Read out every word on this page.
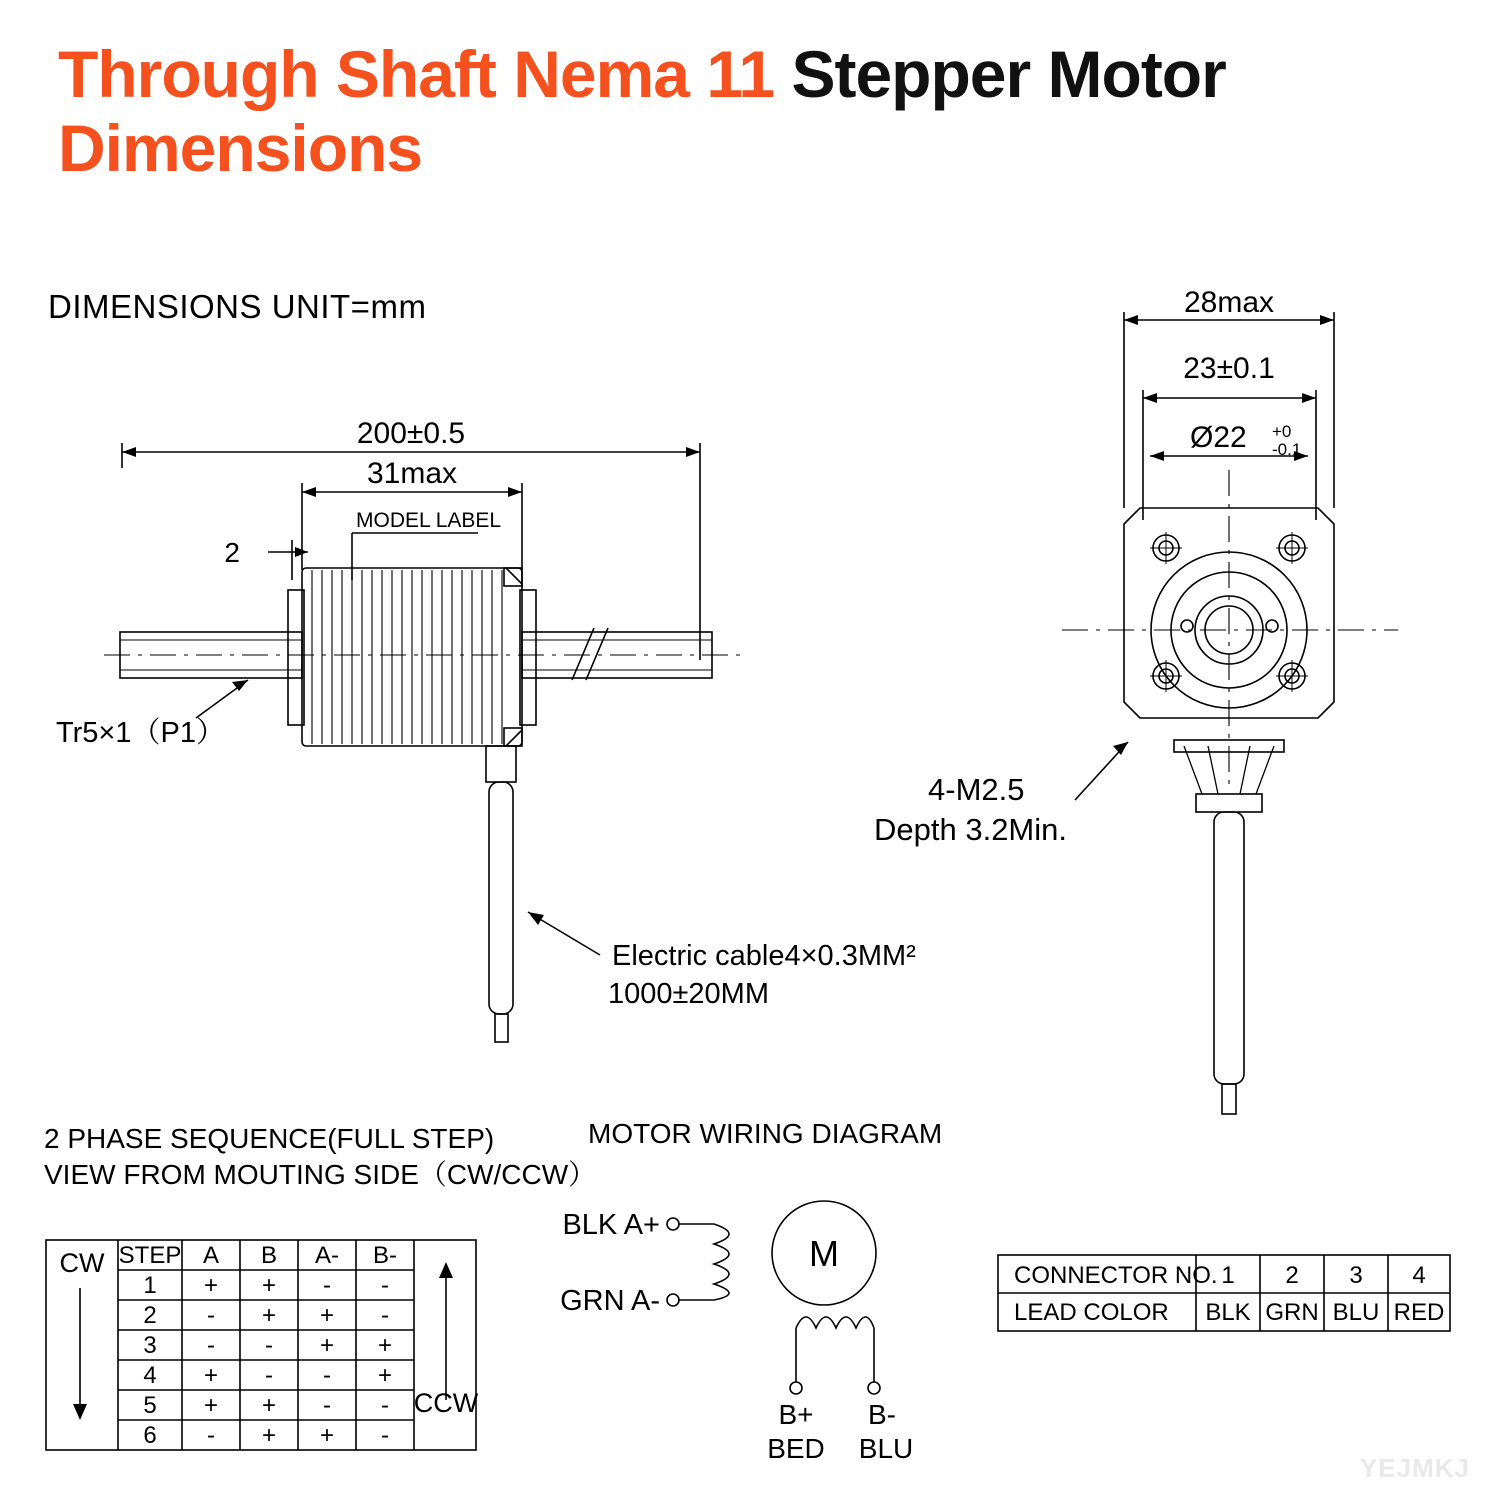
Through Shaft Nema 11 Stepper Motor
Dimensions
DIMENSIONS UNIT=mm
200±0.5
31max
2
MODEL LABEL
Tr5×1（P1）
Electric cable4×0.3MM²
1000±20MM
28max
23±0.1
Ø22 +0
-0.1
4-M2.5
Depth 3.2Min.
2 PHASE SEQUENCE(FULL STEP)
VIEW FROM MOUTING SIDE（CW/CCW）
CW
CCW
STEP A B A- B-
1 + + - -
2 - + + -
3 - - + +
4 + - - +
5 + + - -
6 - + + -
MOTOR WIRING DIAGRAM
BLK A+
GRN A-
M
B+
BED
B-
BLU
CONNECTOR NO. 1 2 3 4
LEAD COLOR BLK GRN BLU RED
YEJMKJ
